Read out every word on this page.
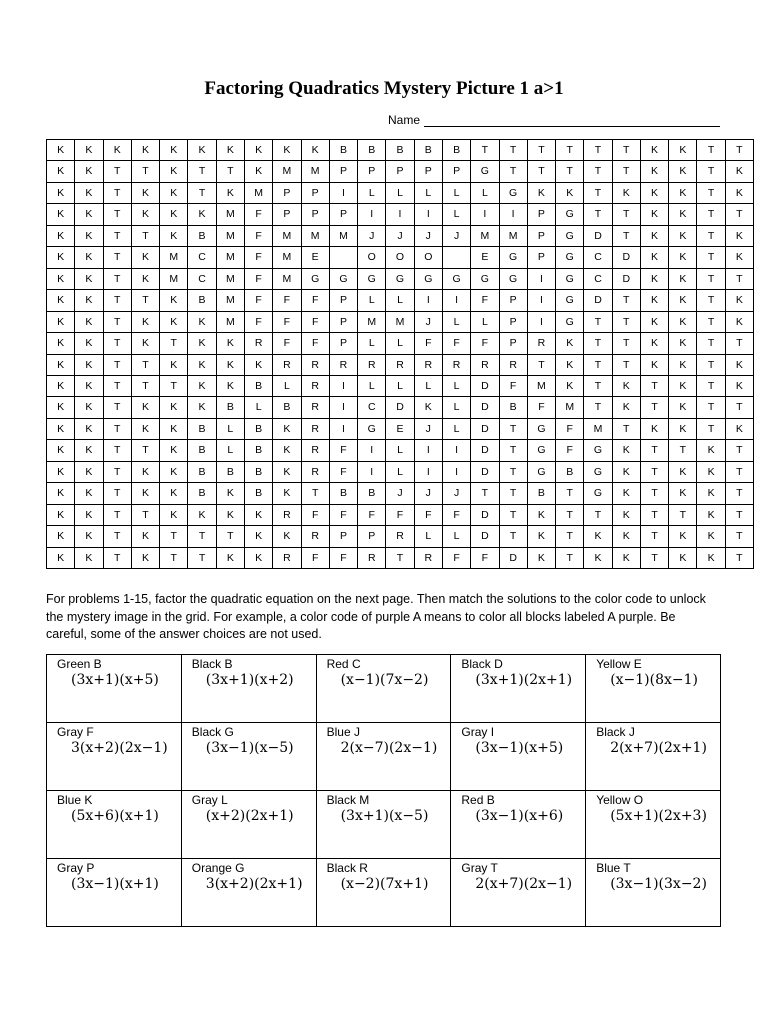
Factoring Quadratics Mystery Picture 1 a>1
Name
K	K	K	K	K	K	K	K	K	K	B	B	B	B	B	T	T	T	T	T	T	K	K	T	T
K	K	T	T	K	T	T	K	M	M	P	P	P	P	P	G	T	T	T	T	T	K	K	T	K
K	K	T	K	K	T	K	M	P	P	I	L	L	L	L	L	G	K	K	T	K	K	K	T	K
K	K	T	K	K	K	M	F	P	P	P	I	I	I	L	I	I	P	G	T	T	K	K	T	T
K	K	T	T	K	B	M	F	M	M	M	J	J	J	J	M	M	P	G	D	T	K	K	T	K
K	K	T	K	M	C	M	F	M	E		O	O	O		E	G	P	G	C	D	K	K	T	K
K	K	T	K	M	C	M	F	M	G	G	G	G	G	G	G	G	I	G	C	D	K	K	T	T
K	K	T	T	K	B	M	F	F	F	P	L	L	I	I	F	P	I	G	D	T	K	K	T	K
K	K	T	K	K	K	M	F	F	F	P	M	M	J	L	L	P	I	G	T	T	K	K	T	K
K	K	T	K	T	K	K	R	F	F	P	L	L	F	F	F	P	R	K	T	T	K	K	T	T
K	K	T	T	K	K	K	K	R	R	R	R	R	R	R	R	R	T	K	T	T	K	K	T	K
K	K	T	T	T	K	K	B	L	R	I	L	L	L	L	D	F	M	K	T	K	T	K	T	K
K	K	T	K	K	K	B	L	B	R	I	C	D	K	L	D	B	F	M	T	K	T	K	T	T
K	K	T	K	K	B	L	B	K	R	I	G	E	J	L	D	T	G	F	M	T	K	K	T	K
K	K	T	T	K	B	L	B	K	R	F	I	L	I	I	D	T	G	F	G	K	T	T	K	T
K	K	T	K	K	B	B	B	K	R	F	I	L	I	I	D	T	G	B	G	K	T	K	K	T
K	K	T	K	K	B	K	B	K	T	B	B	J	J	J	T	T	B	T	G	K	T	K	K	T
K	K	T	T	K	K	K	K	R	F	F	F	F	F	F	D	T	K	T	T	K	T	T	K	T
K	K	T	K	T	T	T	K	K	R	P	P	R	L	L	D	T	K	T	K	K	T	K	K	T
K	K	T	K	T	T	K	K	R	F	F	R	T	R	F	F	D	K	T	K	K	T	K	K	T
For problems 1-15, factor the quadratic equation on the next page. Then match the solutions to the color code to unlock the mystery image in the grid. For example, a color code of purple A means to color all blocks labeled A purple. Be careful, some of the answer choices are not used.
Green B
(3x+1)(x+5)	Black B
(3x+1)(x+2)	Red C
(x−1)(7x−2)	Black D
(3x+1)(2x+1)	Yellow E
(x−1)(8x−1)

Gray F
3(x+2)(2x−1)	Black G
(3x−1)(x−5)	Blue J
2(x−7)(2x−1)	Gray I
(3x−1)(x+5)	Black J
2(x+7)(2x+1)

Blue K
(5x+6)(x+1)	Gray L
(x+2)(2x+1)	Black M
(3x+1)(x−5)	Red B
(3x−1)(x+6)	Yellow O
(5x+1)(2x+3)

Gray P
(3x−1)(x+1)	Orange G
3(x+2)(2x+1)	Black R
(x−2)(7x+1)	Gray T
2(x+7)(2x−1)	Blue T
(3x−1)(3x−2)
